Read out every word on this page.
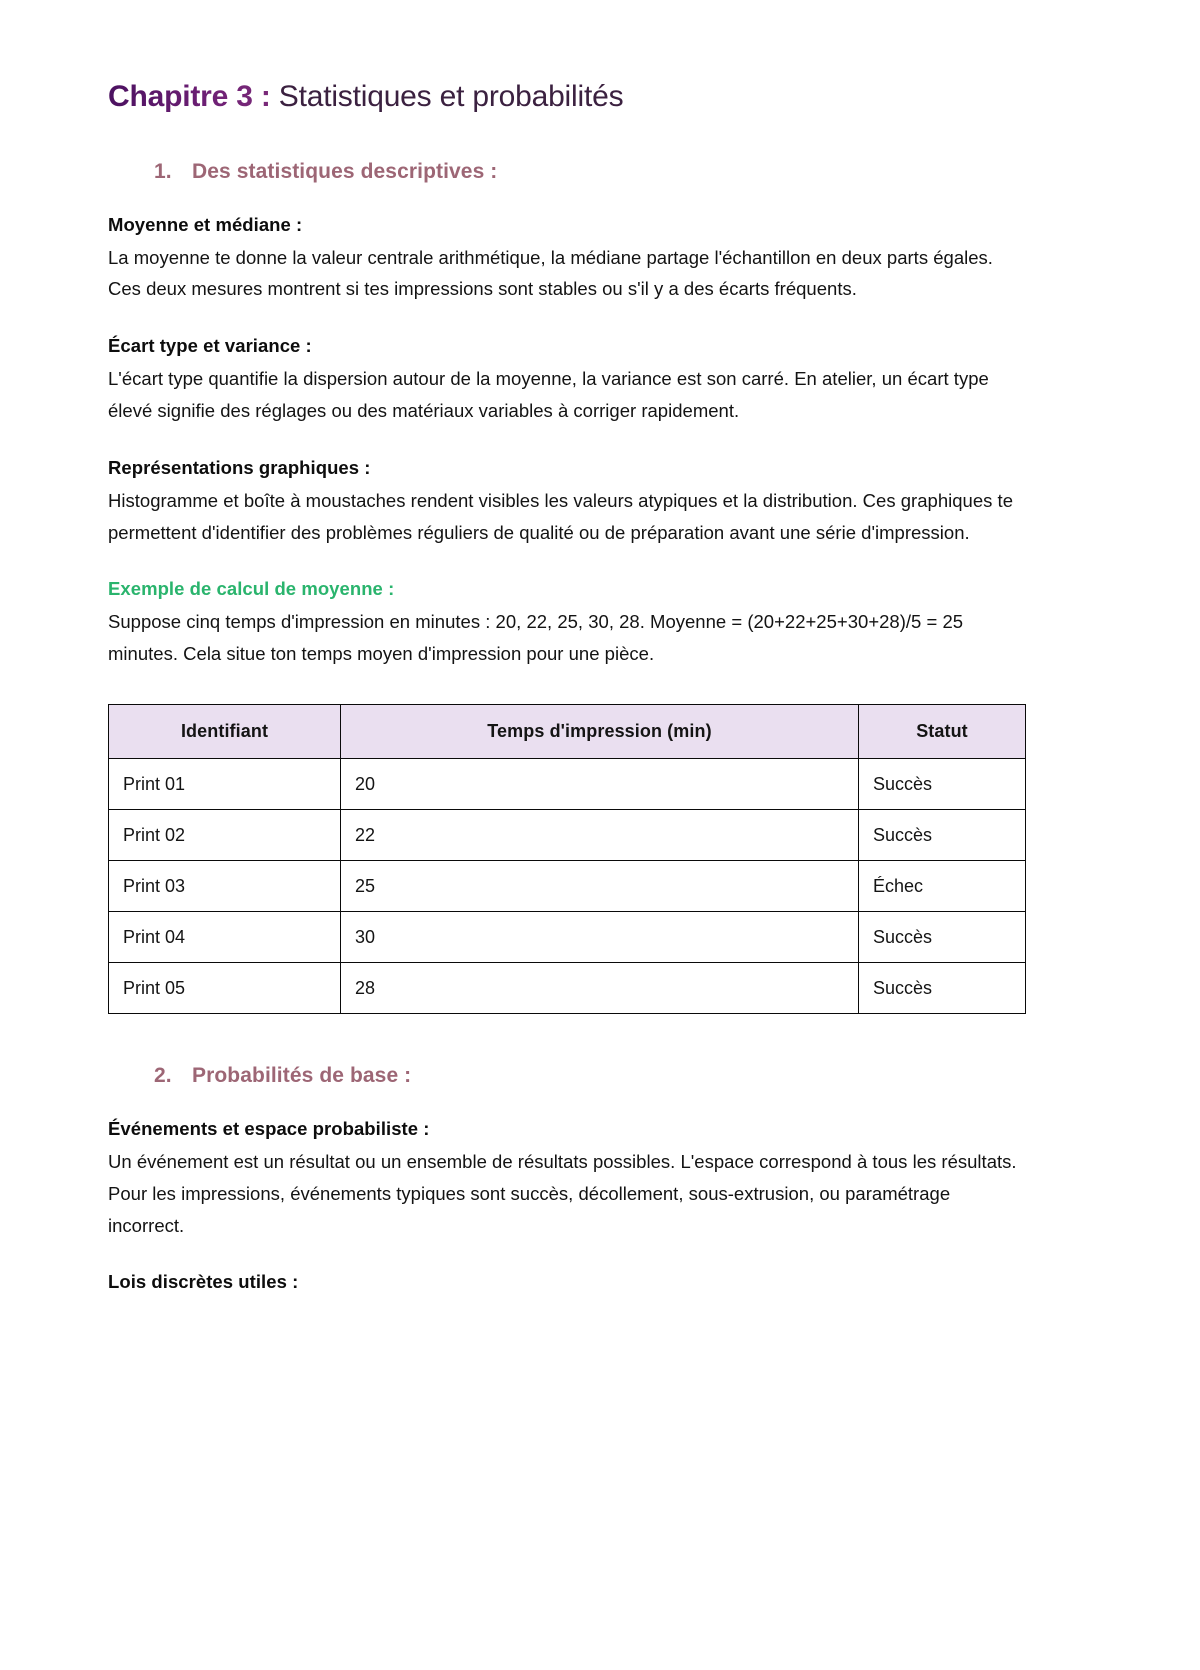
Chapitre 3 : Statistiques et probabilités
1. Des statistiques descriptives :

Moyenne et médiane :

La moyenne te donne la valeur centrale arithmétique, la médiane partage l'échantillon en deux parts égales. Ces deux mesures montrent si tes impressions sont stables ou s'il y a des écarts fréquents.

Écart type et variance :

L'écart type quantifie la dispersion autour de la moyenne, la variance est son carré. En atelier, un écart type élevé signifie des réglages ou des matériaux variables à corriger rapidement.

Représentations graphiques :

Histogramme et boîte à moustaches rendent visibles les valeurs atypiques et la distribution. Ces graphiques te permettent d'identifier des problèmes réguliers de qualité ou de préparation avant une série d'impression.

Exemple de calcul de moyenne :

Suppose cinq temps d'impression en minutes : 20, 22, 25, 30, 28. Moyenne = (20+22+25+30+28)/5 = 25 minutes. Cela situe ton temps moyen d'impression pour une pièce.

Identifiant	Temps d'impression (min)	Statut
Print 01	20	Succès
Print 02	22	Succès
Print 03	25	Échec
Print 04	30	Succès
Print 05	28	Succès
2. Probabilités de base :

Événements et espace probabiliste :

Un événement est un résultat ou un ensemble de résultats possibles. L'espace correspond à tous les résultats. Pour les impressions, événements typiques sont succès, décollement, sous-extrusion, ou paramétrage incorrect.

Lois discrètes utiles :
